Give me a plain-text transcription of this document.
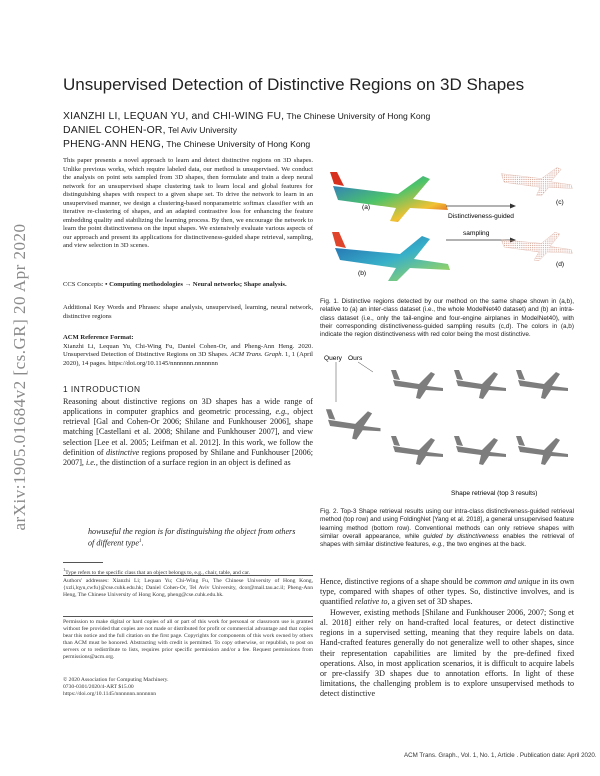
arXiv:1905.01684v2 [cs.GR] 20 Apr 2020
Unsupervised Detection of Distinctive Regions on 3D Shapes
XIANZHI LI, LEQUAN YU, and CHI-WING FU, The Chinese University of Hong Kong
DANIEL COHEN-OR, Tel Aviv University
PHENG-ANN HENG, The Chinese University of Hong Kong
This paper presents a novel approach to learn and detect distinctive regions on 3D shapes. Unlike previous works, which require labeled data, our method is unsupervised. We conduct the analysis on point sets sampled from 3D shapes, then formulate and train a deep neural network for an unsupervised shape clustering task to learn local and global features for distinguishing shapes with respect to a given shape set. To drive the network to learn in an unsupervised manner, we design a clustering-based nonparametric softmax classifier with an iterative re-clustering of shapes, and an adapted contrastive loss for enhancing the feature embedding quality and stabilizing the learning process. By then, we encourage the network to learn the point distinctiveness on the input shapes. We extensively evaluate various aspects of our approach and present its applications for distinctiveness-guided shape retrieval, sampling, and view selection in 3D scenes.
CCS Concepts: • Computing methodologies → Neural networks; Shape analysis.
Additional Key Words and Phrases: shape analysis, unsupervised, learning, neural network, distinctive regions
ACM Reference Format:
Xianzhi Li, Lequan Yu, Chi-Wing Fu, Daniel Cohen-Or, and Pheng-Ann Heng. 2020. Unsupervised Detection of Distinctive Regions on 3D Shapes. ACM Trans. Graph. 1, 1 (April 2020), 14 pages. https://doi.org/10.1145/nnnnnnn.nnnnnnn
1 INTRODUCTION
Reasoning about distinctive regions on 3D shapes has a wide range of applications in computer graphics and geometric processing, e.g., object retrieval [Gal and Cohen-Or 2006; Shilane and Funkhouser 2006], shape matching [Castellani et al. 2008; Shilane and Funkhouser 2007], and view selection [Lee et al. 2005; Leifman et al. 2012]. In this work, we follow the definition of distinctive regions proposed by Shilane and Funkhouser [2006; 2007], i.e., the distinction of a surface region in an object is defined as
howuseful the region is for distinguishing the object from others of different type$^1$.
$^1$Type refers to the specific class that an object belongs to, e.g., chair, table, and car.
Authors' addresses: Xianzhi Li; Lequan Yu; Chi-Wing Fu, The Chinese University of Hong Kong, {xzli,lqyu,cwfu}@cse.cuhk.edu.hk; Daniel Cohen-Or, Tel Aviv University, dcor@mail.tau.ac.il; Pheng-Ann Heng, The Chinese University of Hong Kong, pheng@cse.cuhk.edu.hk.
Permission to make digital or hard copies of all or part of this work for personal or classroom use is granted without fee provided that copies are not made or distributed for profit or commercial advantage and that copies bear this notice and the full citation on the first page. Copyrights for components of this work owned by others than ACM must be honored. Abstracting with credit is permitted. To copy otherwise, or republish, to post on servers or to redistribute to lists, requires prior specific permission and/or a fee. Request permissions from permissions@acm.org.
© 2020 Association for Computing Machinery.
0730-0301/2020/4-ART $15.00
https://doi.org/10.1145/nnnnnnn.nnnnnnn
(a)
(b)
Distinctiveness-guided
sampling
(c)
(d)
Fig. 1. Distinctive regions detected by our method on the same shape shown in (a,b), relative to (a) an inter-class dataset (i.e., the whole ModelNet40 dataset) and (b) an intra-class dataset (i.e., only the tail-engine and four-engine airplanes in ModelNet40), with their corresponding distinctiveness-guided sampling results (c,d). The colors in (a,b) indicate the region distinctiveness with red color being the most distinctive.
Query Ours
Shape retrieval (top 3 results)
Fig. 2. Top-3 Shape retrieval results using our intra-class distinctiveness-guided retrieval method (top row) and using FoldingNet [Yang et al. 2018], a general unsupervised feature learning method (bottom row). Conventional methods can only retrieve shapes with similar overall appearance, while guided by distinctiveness enables the retrieval of shapes with similar distinctive features, e.g., the two engines at the back.
Hence, distinctive regions of a shape should be common and unique in its own type, compared with shapes of other types. So, distinctive involves, and is quantified relative to, a given set of 3D shapes.
However, existing methods [Shilane and Funkhouser 2006, 2007; Song et al. 2018] either rely on hand-crafted local features, or detect distinctive regions in a supervised setting, meaning that they require labels on data. Hand-crafted features generally do not generalize well to other shapes, since their representation capabilities are limited by the pre-defined fixed operations. Also, in most application scenarios, it is difficult to acquire labels or pre-classify 3D shapes due to annotation efforts. In light of these limitations, the challenging problem is to explore unsupervised methods to detect distinctive
ACM Trans. Graph., Vol. 1, No. 1, Article . Publication date: April 2020.
